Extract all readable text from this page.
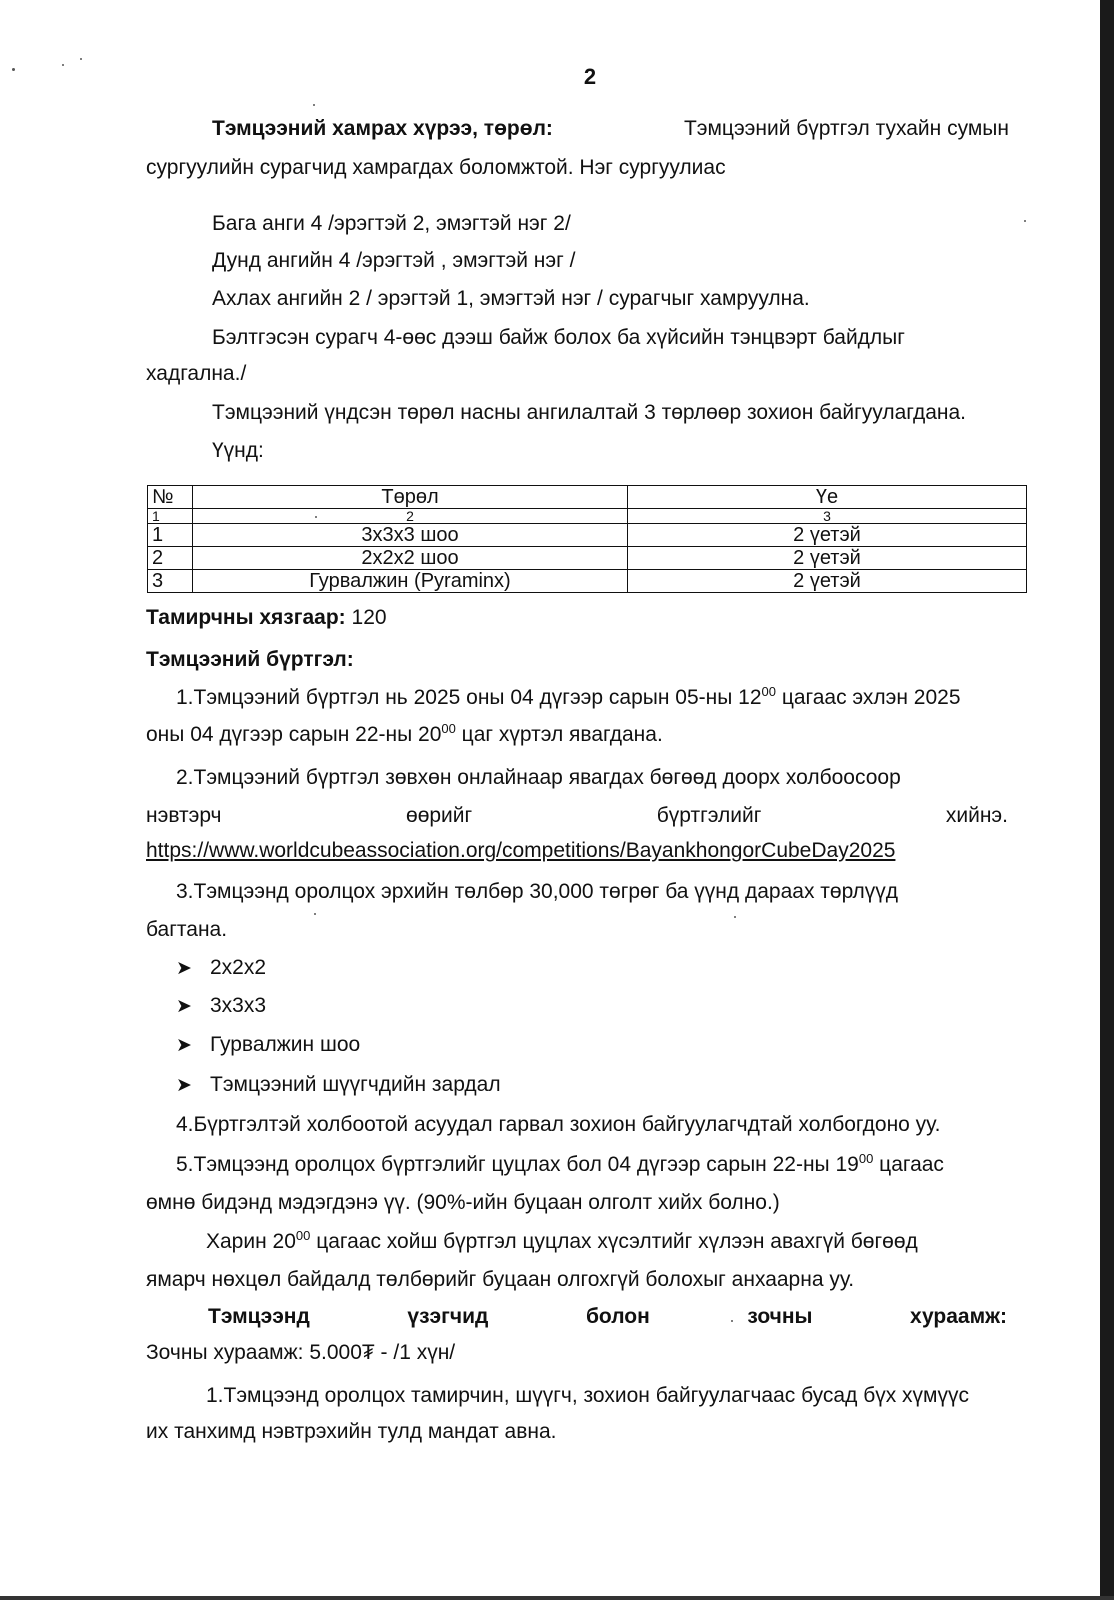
2
Тэмцээний хамрах хүрээ, төрөл:	Тэмцээний бүртгэл тухайн сумын
сургуулийн сурагчид хамрагдах боломжтой. Нэг сургуулиас
Бага анги 4 /эрэгтэй 2, эмэгтэй нэг 2/
Дунд ангийн 4 /эрэгтэй , эмэгтэй нэг /
Ахлах ангийн 2 / эрэгтэй 1, эмэгтэй нэг / сурагчыг хамруулна.
Бэлтгэсэн сурагч 4-өөс дээш байж болох ба хүйсийн тэнцвэрт байдлыг
хадгална./
Тэмцээний үндсэн төрөл насны ангилалтай 3 төрлөөр зохион байгуулагдана.
Үүнд:
№	Төрөл	Үе
1	2	3
1	3x3x3 шоо	2 үетэй
2	2x2x2 шоо	2 үетэй
3	Гурвалжин (Pyraminx)	2 үетэй
Тамирчны хязгаар: 120
Тэмцээний бүртгэл:
1.Тэмцээний бүртгэл нь 2025 оны 04 дүгээр сарын 05-ны $12^{00}$ цагаас эхлэн 2025
оны 04 дүгээр сарын 22-ны $20^{00}$ цаг хүртэл явагдана.
2.Тэмцээний бүртгэл зөвхөн онлайнаар явагдах бөгөөд доорх холбоосоор
нэвтэрч	өөрийг	бүртгэлийг	хийнэ.
https://www.worldcubeassociation.org/competitions/BayankhongorCubeDay2025
3.Тэмцээнд оролцох эрхийн төлбөр 30,000 төгрөг ба үүнд дараах төрлүүд
багтана.
➤ 2x2x2
➤ 3x3x3
➤ Гурвалжин шоо
➤ Тэмцээний шүүгчдийн зардал
4.Бүртгэлтэй холбоотой асуудал гарвал зохион байгуулагчдтай холбогдоно уу.
5.Тэмцээнд оролцох бүртгэлийг цуцлах бол 04 дүгээр сарын 22-ны $19^{00}$ цагаас
өмнө бидэнд мэдэгдэнэ үү. (90%-ийн буцаан олголт хийх болно.)
Харин $20^{00}$ цагаас хойш бүртгэл цуцлах хүсэлтийг хүлээн авахгүй бөгөөд
ямарч нөхцөл байдалд төлбөрийг буцаан олгохгүй болохыг анхаарна уу.
Тэмцээнд	үзэгчид	болон	зочны	хураамж:
Зочны хураамж: 5.000₮ - /1 хүн/
1.Тэмцээнд оролцох тамирчин, шүүгч, зохион байгуулагчаас бусад бүх хүмүүс
их танхимд нэвтрэхийн тулд мандат авна.
